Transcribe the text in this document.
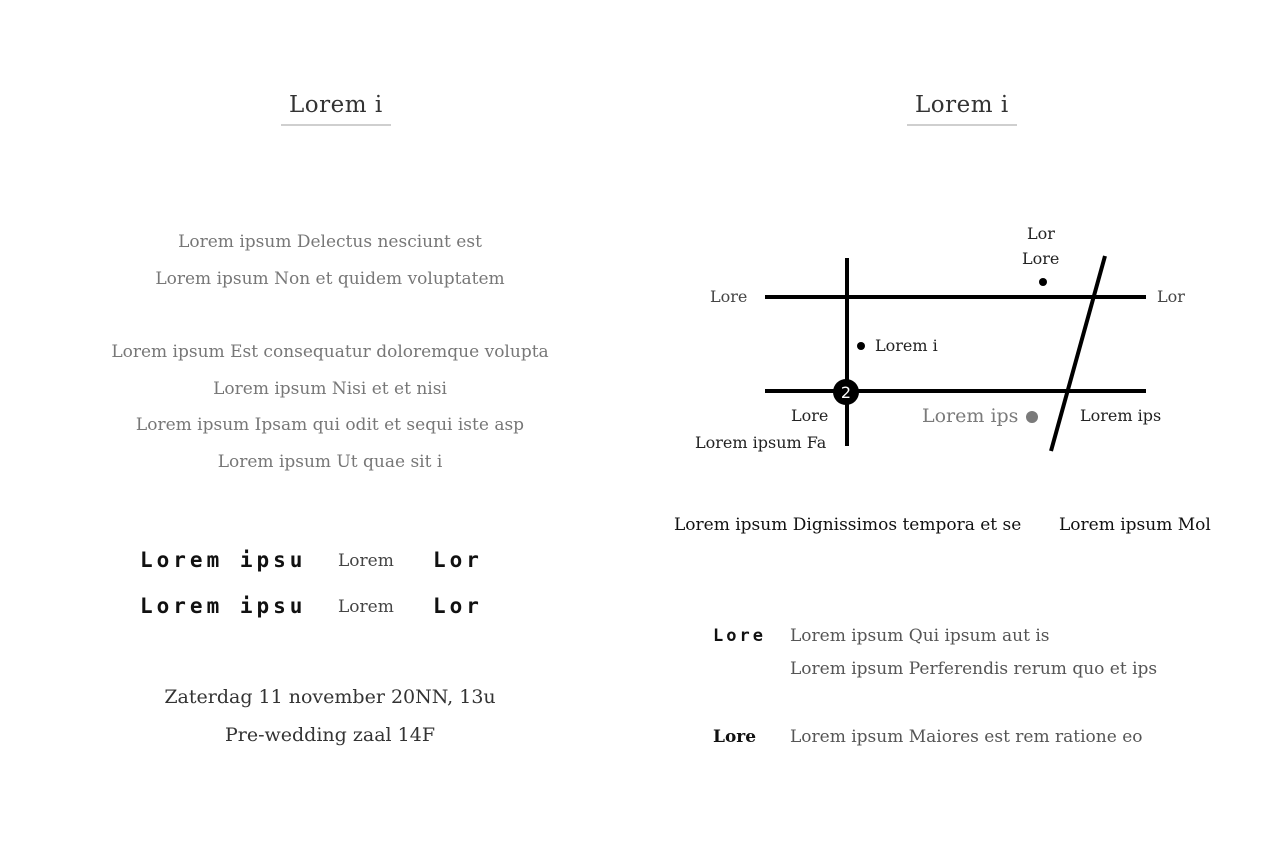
Lorem i
Lorem ipsum Delectus nesciunt est
Lorem ipsum Non et quidem voluptatem
Lorem ipsum Est consequatur doloremque volupta
Lorem ipsum Nisi et et nisi
Lorem ipsum Ipsam qui odit et sequi iste asp
Lorem ipsum Ut quae sit i
Lorem ipsu Lorem Lor
Lorem ipsu Lorem Lor
Zaterdag 11 november 20NN, 13u
Pre-wedding zaal 14F
Lorem i
2
Lor
Lore
Lore	Lor
Lorem i
Lore
Lorem ipsum Fa
Lorem ips	Lorem ips
Lorem ipsum Dignissimos tempora et se Lorem ipsum Mol
Lore Lorem ipsum Qui ipsum aut is
Lorem ipsum Perferendis rerum quo et ips
Lore Lorem ipsum Maiores est rem ratione eo
